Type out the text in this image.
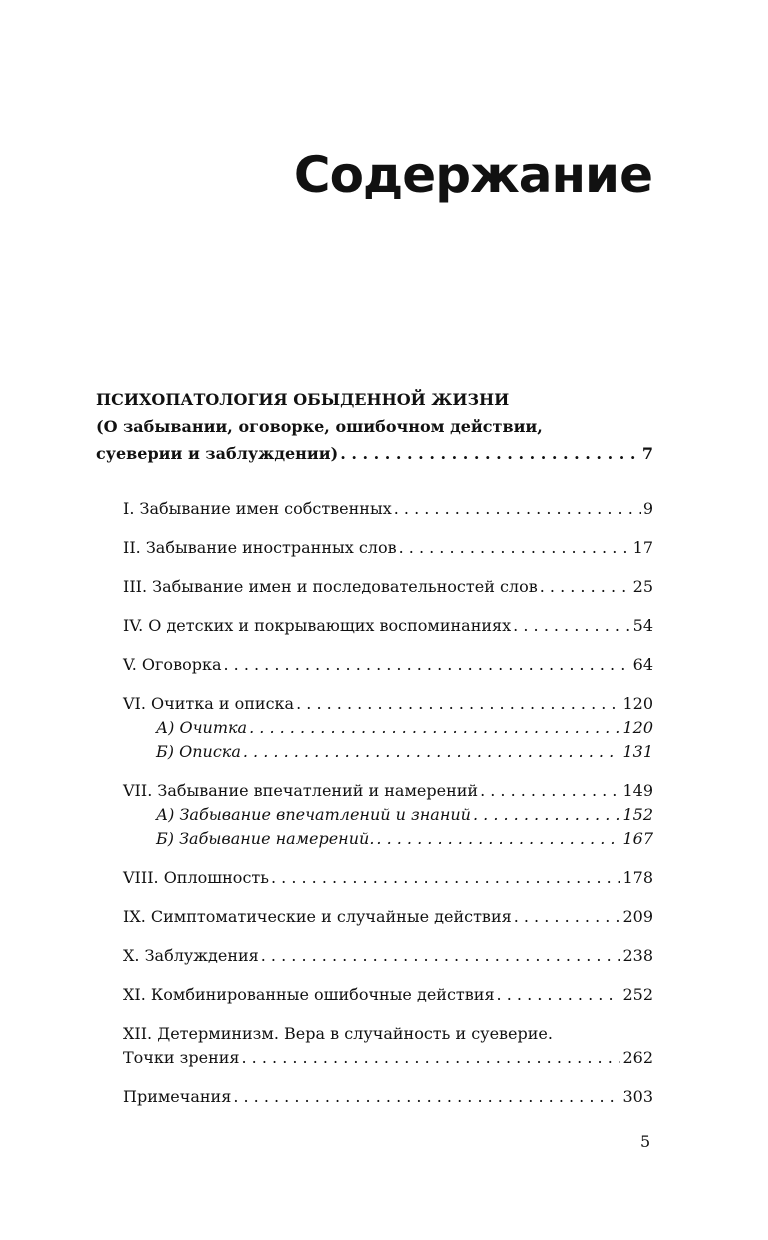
Содержание
ПСИХОПАТОЛОГИЯ ОБЫДЕННОЙ ЖИЗНИ
(О забывании, оговорке, ошибочном действии,
суеверии и заблуждении) . . .	7
I. Забывание имен собственных . . .	9
II. Забывание иностранных слов . . .	17
III. Забывание имен и последовательностей слов . . .	25
IV. О детских и покрывающих воспоминаниях . . .	54
V. Оговорка . . .	64
VI. Очитка и описка . . .	120
А) Очитка . . .	120
Б) Описка . . .	131
VII. Забывание впечатлений и намерений . . .	149
А) Забывание впечатлений и знаний . . .	152
Б) Забывание намерений. . . .	167
VIII. Оплошность . . .	178
IX. Симптоматические и случайные действия . . .	209
X. Заблуждения . . .	238
XI. Комбинированные ошибочные действия . . .	252
XII. Детерминизм. Вера в случайность и суеверие.
Точки зрения . . .	262
Примечания . . .	303
5
